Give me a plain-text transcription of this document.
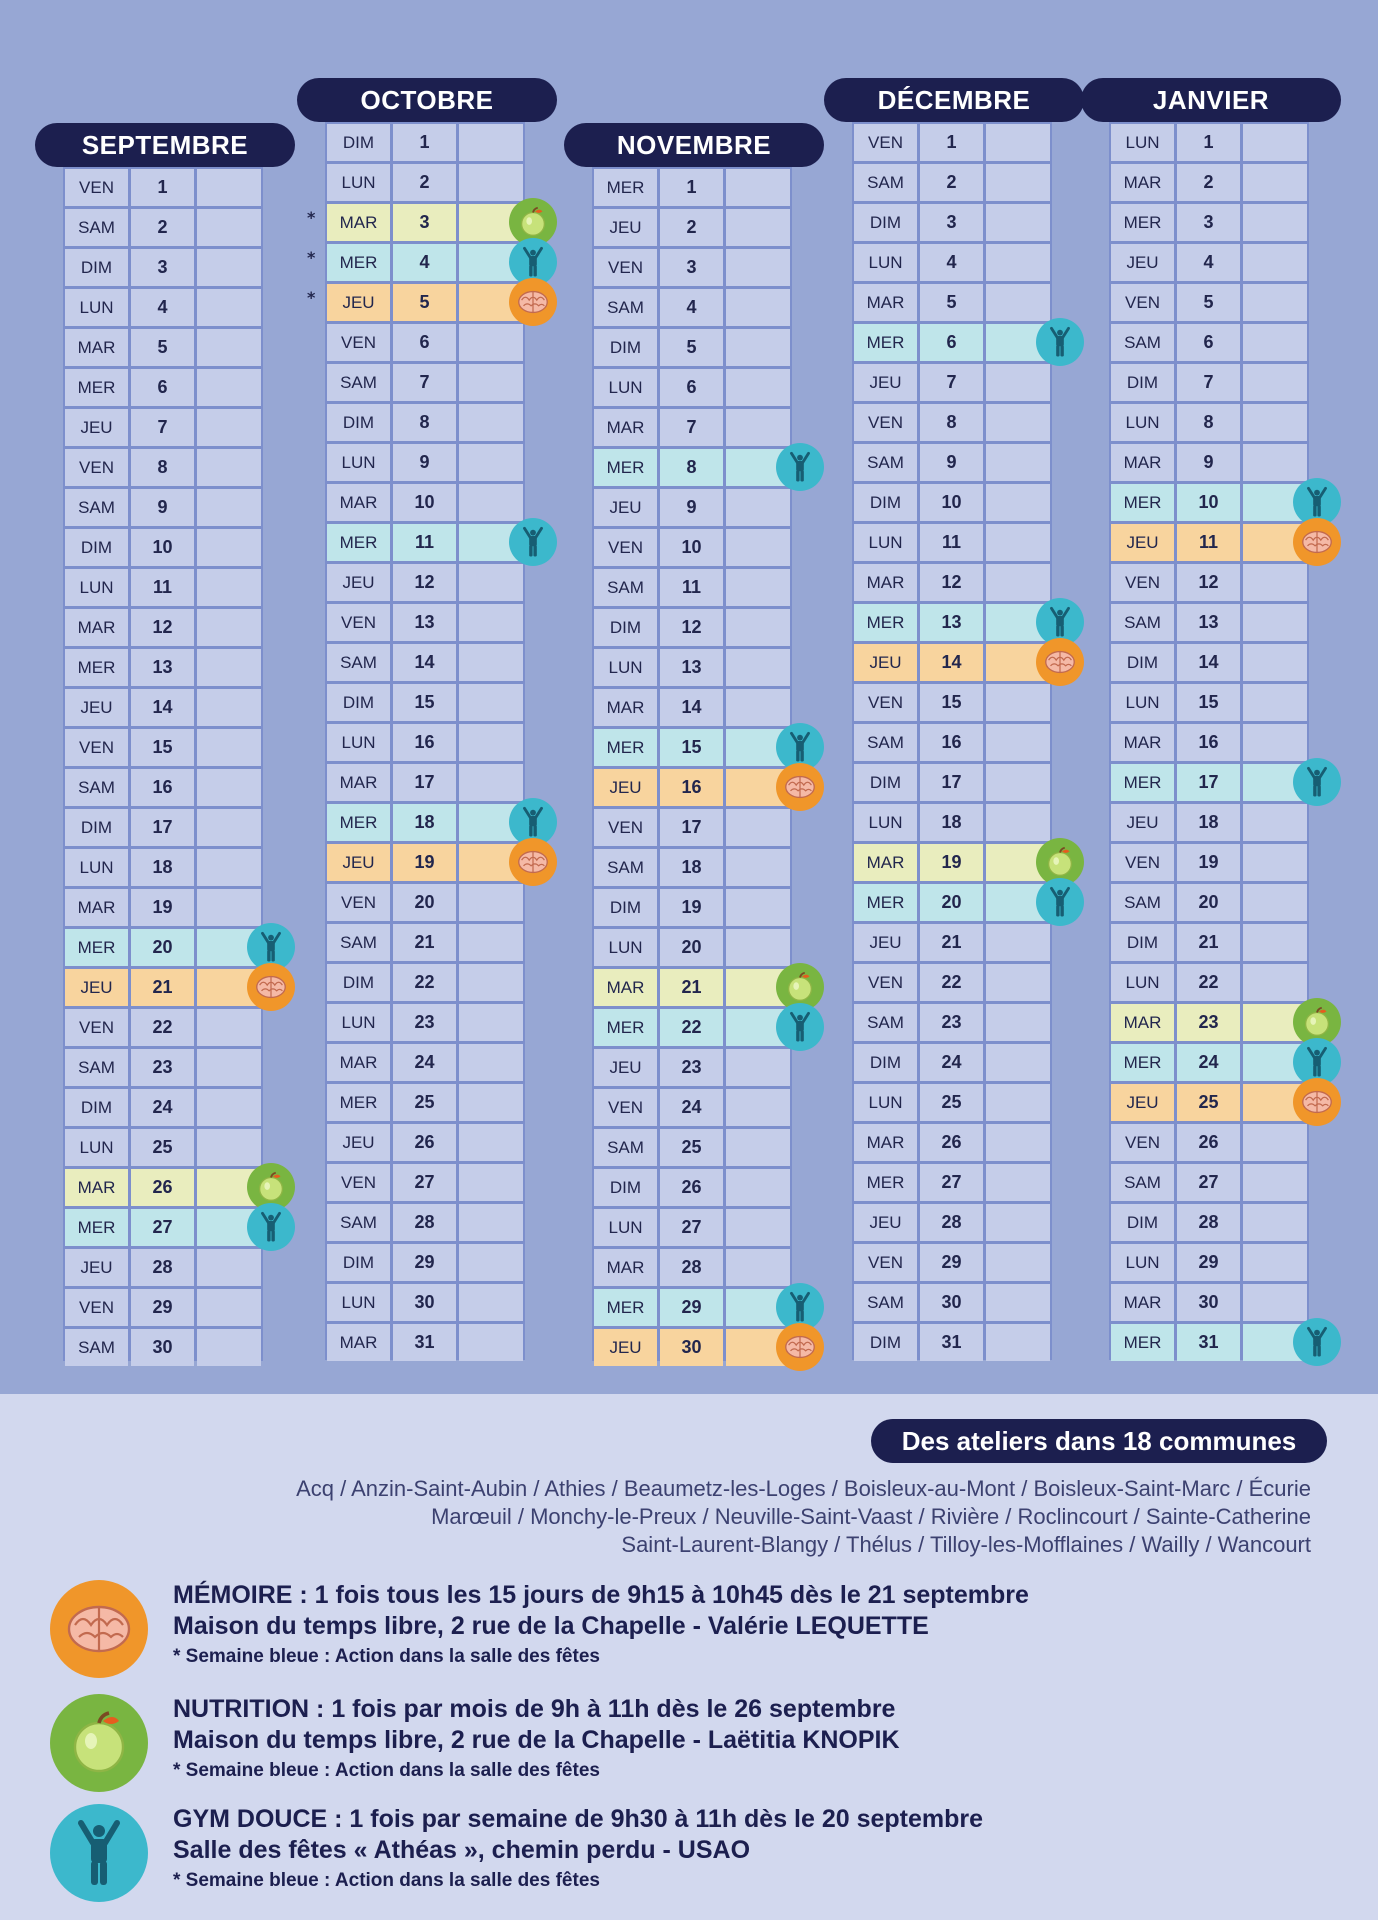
SEPTEMBRE
VEN	1
SAM	2
DIM	3
LUN	4
MAR	5
MER	6
JEU	7
VEN	8
SAM	9
DIM	10
LUN	11
MAR	12
MER	13
JEU	14
VEN	15
SAM	16
DIM	17
LUN	18
MAR	19
MER	20
JEU	21
VEN	22
SAM	23
DIM	24
LUN	25
MAR	26
MER	27
JEU	28
VEN	29
SAM	30
OCTOBRE
DIM	1
LUN	2
*	MAR	3
*	MER	4
*	JEU	5
VEN	6
SAM	7
DIM	8
LUN	9
MAR	10
MER	11
JEU	12
VEN	13
SAM	14
DIM	15
LUN	16
MAR	17
MER	18
JEU	19
VEN	20
SAM	21
DIM	22
LUN	23
MAR	24
MER	25
JEU	26
VEN	27
SAM	28
DIM	29
LUN	30
MAR	31
NOVEMBRE
MER	1
JEU	2
VEN	3
SAM	4
DIM	5
LUN	6
MAR	7
MER	8
JEU	9
VEN	10
SAM	11
DIM	12
LUN	13
MAR	14
MER	15
JEU	16
VEN	17
SAM	18
DIM	19
LUN	20
MAR	21
MER	22
JEU	23
VEN	24
SAM	25
DIM	26
LUN	27
MAR	28
MER	29
JEU	30
DÉCEMBRE
VEN	1
SAM	2
DIM	3
LUN	4
MAR	5
MER	6
JEU	7
VEN	8
SAM	9
DIM	10
LUN	11
MAR	12
MER	13
JEU	14
VEN	15
SAM	16
DIM	17
LUN	18
MAR	19
MER	20
JEU	21
VEN	22
SAM	23
DIM	24
LUN	25
MAR	26
MER	27
JEU	28
VEN	29
SAM	30
DIM	31
JANVIER
LUN	1
MAR	2
MER	3
JEU	4
VEN	5
SAM	6
DIM	7
LUN	8
MAR	9
MER	10
JEU	11
VEN	12
SAM	13
DIM	14
LUN	15
MAR	16
MER	17
JEU	18
VEN	19
SAM	20
DIM	21
LUN	22
MAR	23
MER	24
JEU	25
VEN	26
SAM	27
DIM	28
LUN	29
MAR	30
MER	31
Des ateliers dans 18 communes
Acq / Anzin-Saint-Aubin / Athies / Beaumetz-les-Loges / Boisleux-au-Mont / Boisleux-Saint-Marc / Écurie
Marœuil / Monchy-le-Preux / Neuville-Saint-Vaast / Rivière / Roclincourt / Sainte-Catherine
Saint-Laurent-Blangy / Thélus / Tilloy-les-Mofflaines / Wailly / Wancourt
MÉMOIRE : 1 fois tous les 15 jours de 9h15 à 10h45 dès le 21 septembre
Maison du temps libre, 2 rue de la Chapelle - Valérie LEQUETTE
* Semaine bleue : Action dans la salle des fêtes
NUTRITION : 1 fois par mois de 9h à 11h dès le 26 septembre
Maison du temps libre, 2 rue de la Chapelle - Laëtitia KNOPIK
* Semaine bleue : Action dans la salle des fêtes
GYM DOUCE : 1 fois par semaine de 9h30 à 11h dès le 20 septembre
Salle des fêtes « Athéas », chemin perdu - USAO
* Semaine bleue : Action dans la salle des fêtes
